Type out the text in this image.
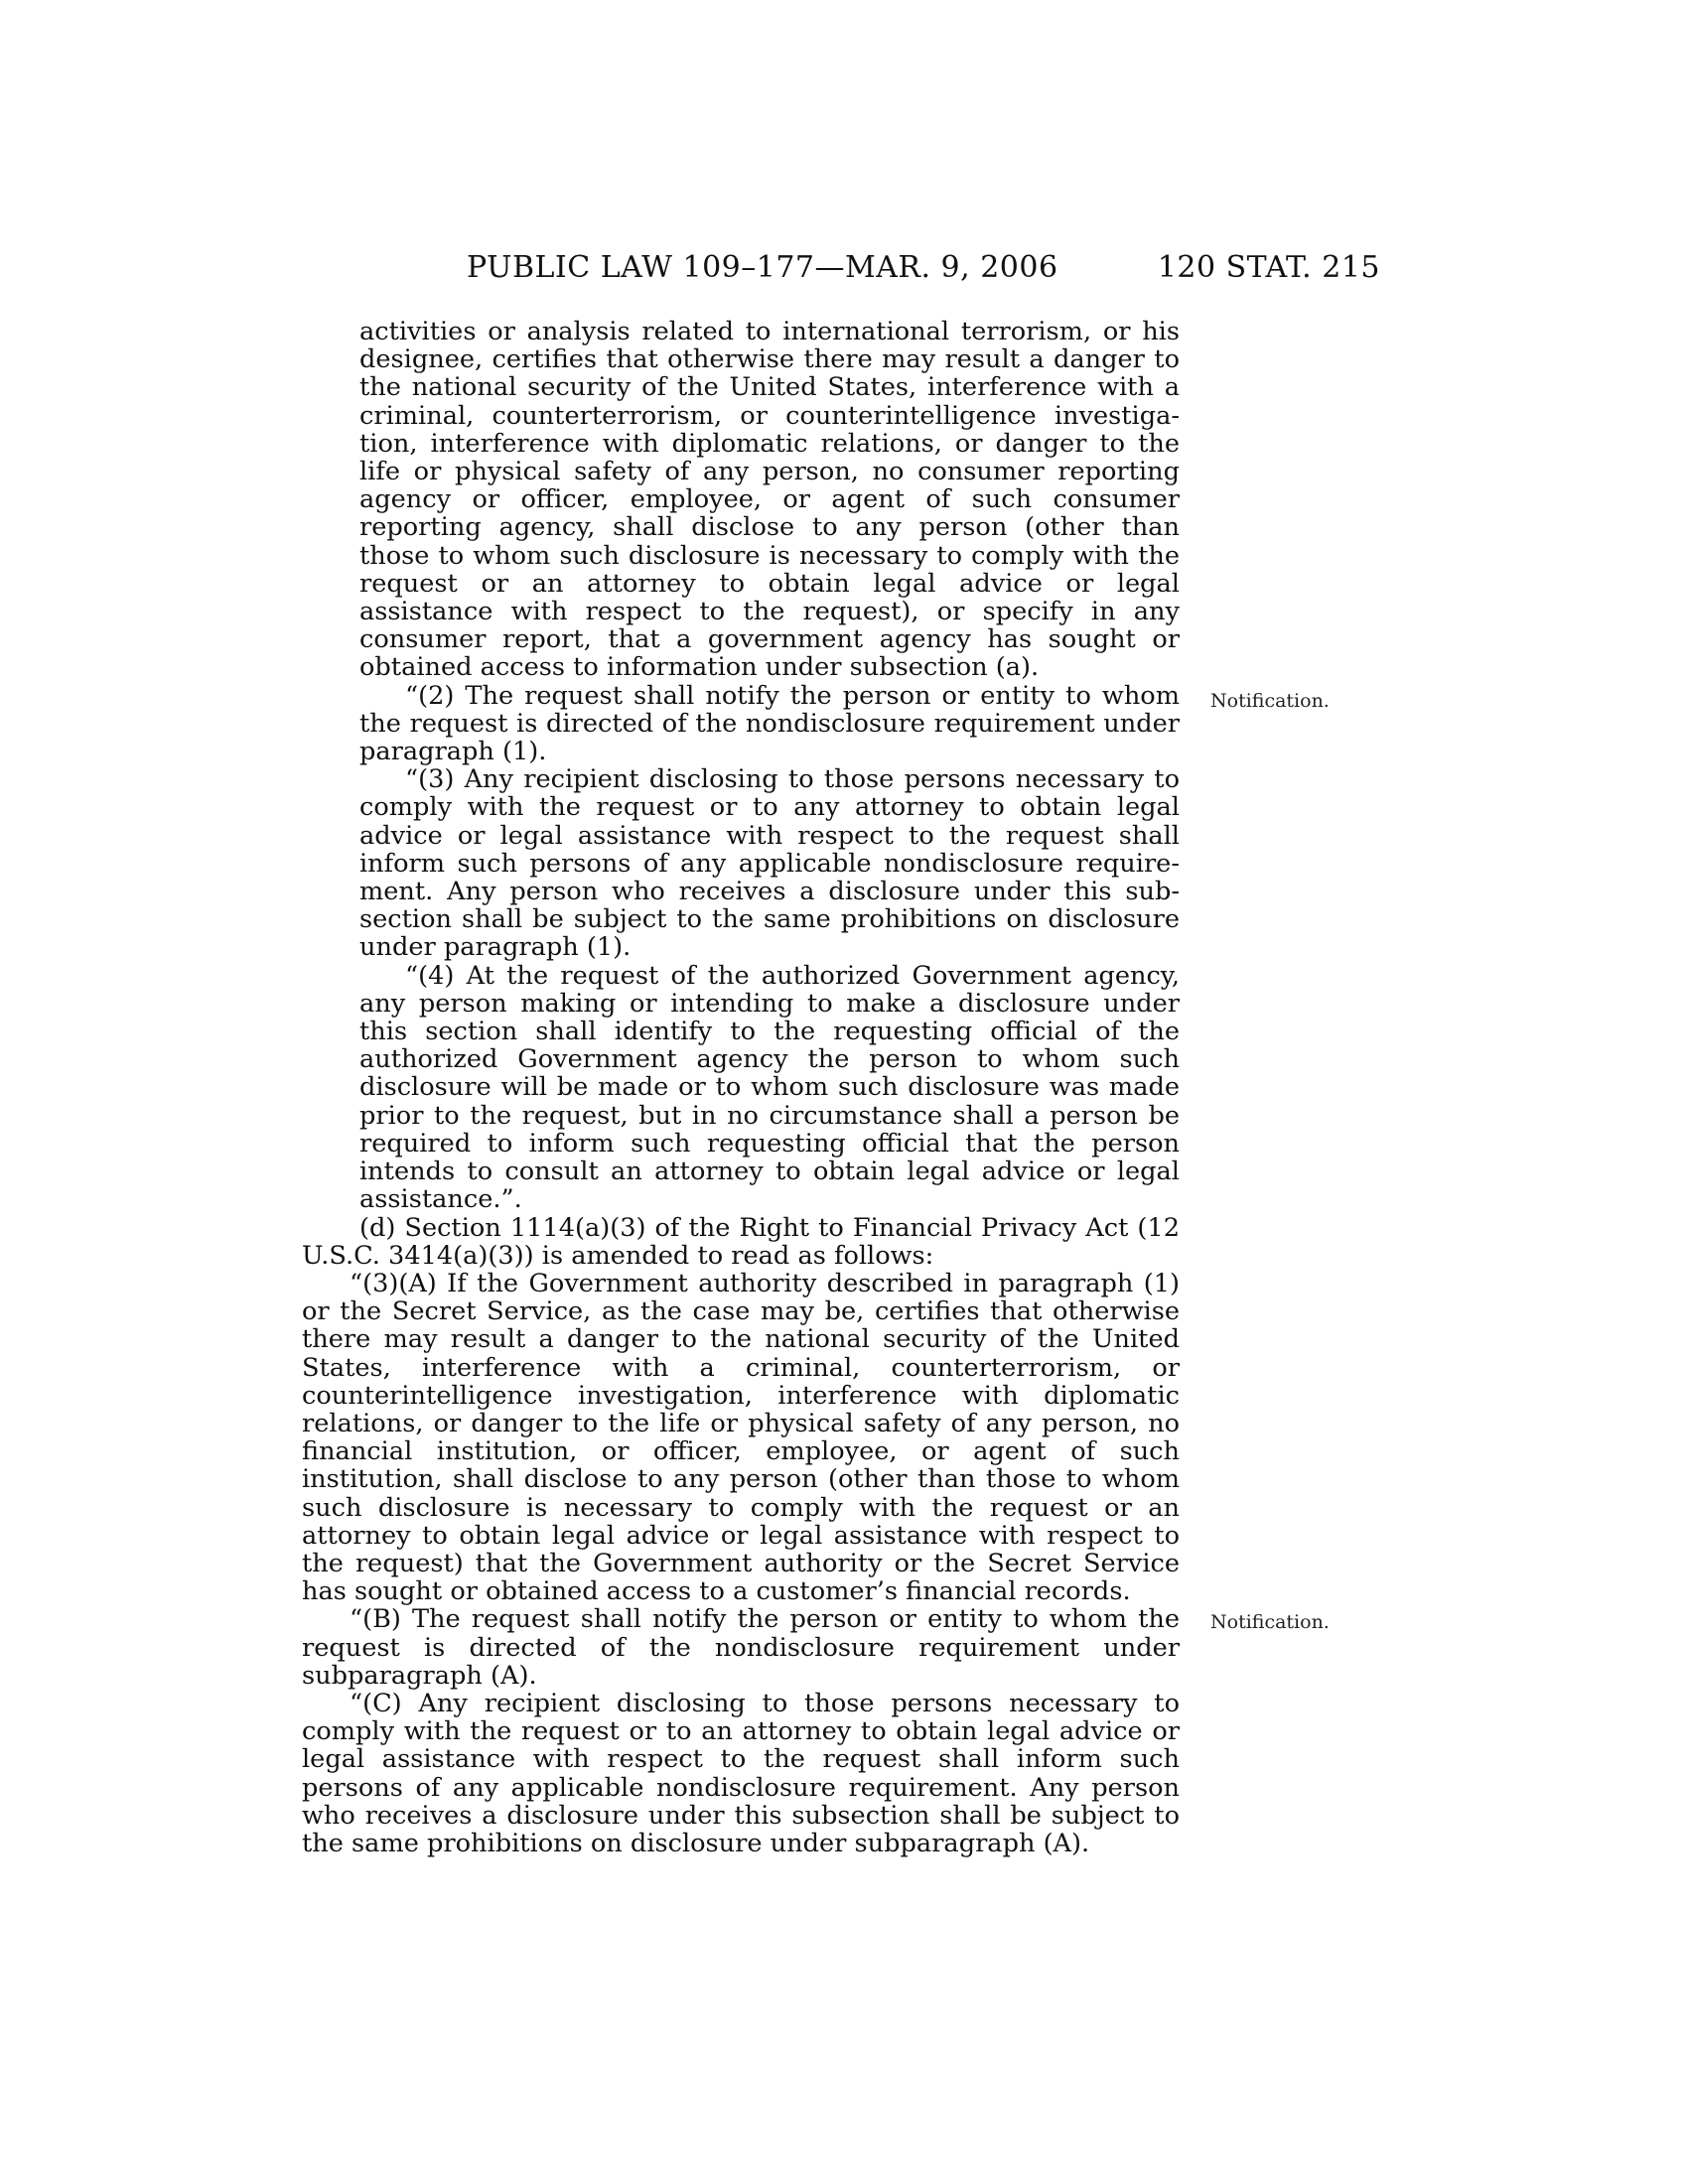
PUBLIC LAW 109–177—MAR. 9, 2006	120 STAT. 215

activities or analysis related to international terrorism, or his designee, certifies that otherwise there may result a danger to the national security of the United States, interference with a criminal, counterterrorism, or counterintelligence investigation, interference with diplomatic relations, or danger to the life or physical safety of any person, no consumer reporting agency or officer, employee, or agent of such consumer reporting agency, shall disclose to any person (other than those to whom such disclosure is necessary to comply with the request or an attorney to obtain legal advice or legal assistance with respect to the request), or specify in any consumer report, that a government agency has sought or obtained access to information under subsection (a).

“(2) The request shall notify the person or entity to whom the request is directed of the nondisclosure requirement under paragraph (1).

“(3) Any recipient disclosing to those persons necessary to comply with the request or to any attorney to obtain legal advice or legal assistance with respect to the request shall inform such persons of any applicable nondisclosure requirement. Any person who receives a disclosure under this subsection shall be subject to the same prohibitions on disclosure under paragraph (1).

“(4) At the request of the authorized Government agency, any person making or intending to make a disclosure under this section shall identify to the requesting official of the authorized Government agency the person to whom such disclosure will be made or to whom such disclosure was made prior to the request, but in no circumstance shall a person be required to inform such requesting official that the person intends to consult an attorney to obtain legal advice or legal assistance.”.

(d) Section 1114(a)(3) of the Right to Financial Privacy Act (12 U.S.C. 3414(a)(3)) is amended to read as follows:

“(3)(A) If the Government authority described in paragraph (1) or the Secret Service, as the case may be, certifies that otherwise there may result a danger to the national security of the United States, interference with a criminal, counterterrorism, or counterintelligence investigation, interference with diplomatic relations, or danger to the life or physical safety of any person, no financial institution, or officer, employee, or agent of such institution, shall disclose to any person (other than those to whom such disclosure is necessary to comply with the request or an attorney to obtain legal advice or legal assistance with respect to the request) that the Government authority or the Secret Service has sought or obtained access to a customer’s financial records.

“(B) The request shall notify the person or entity to whom the request is directed of the nondisclosure requirement under subparagraph (A).

“(C) Any recipient disclosing to those persons necessary to comply with the request or to an attorney to obtain legal advice or legal assistance with respect to the request shall inform such persons of any applicable nondisclosure requirement. Any person who receives a disclosure under this subsection shall be subject to the same prohibitions on disclosure under subparagraph (A).

Notification.
Notification.
